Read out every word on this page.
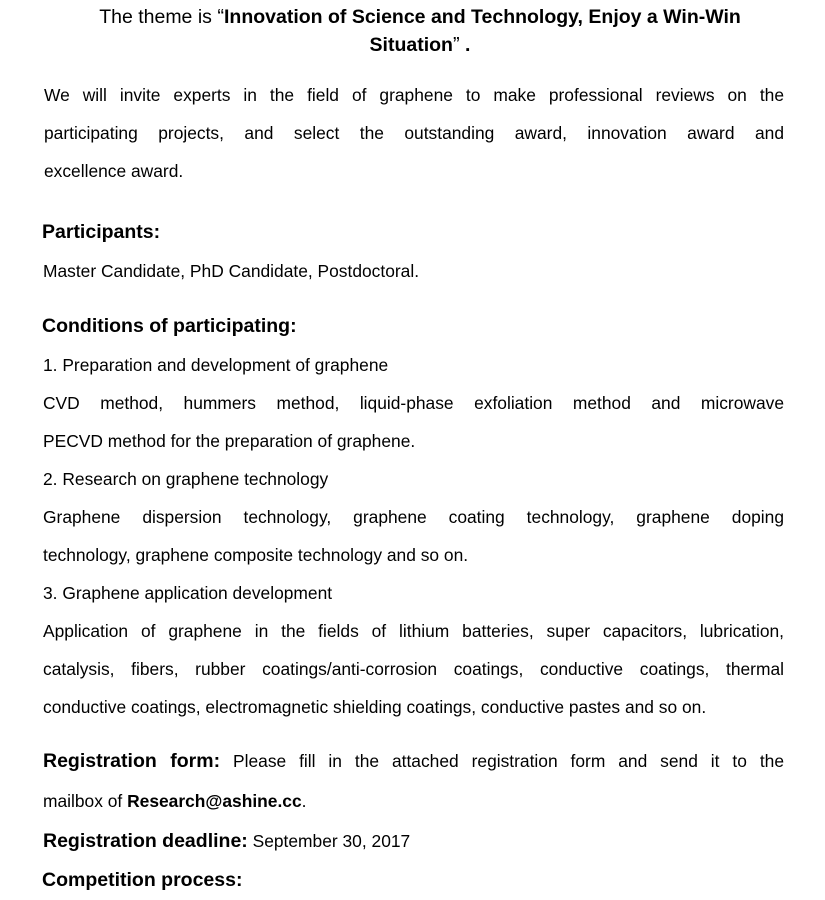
The theme is “Innovation of Science and Technology, Enjoy a Win-Win Situation” .
We will invite experts in the field of graphene to make professional reviews on the
participating projects, and select the outstanding award, innovation award and
excellence award.
Participants:
Master Candidate, PhD Candidate, Postdoctoral.
Conditions of participating:
1. Preparation and development of graphene
CVD method, hummers method, liquid-phase exfoliation method and microwave
PECVD method for the preparation of graphene.
2. Research on graphene technology
Graphene dispersion technology, graphene coating technology, graphene doping
technology, graphene composite technology and so on.
3. Graphene application development
Application of graphene in the fields of lithium batteries, super capacitors, lubrication,
catalysis, fibers, rubber coatings/anti-corrosion coatings, conductive coatings, thermal
conductive coatings, electromagnetic shielding coatings, conductive pastes and so on.
Registration form: Please fill in the attached registration form and send it to the
mailbox of Research@ashine.cc.
Registration deadline: September 30, 2017
Competition process:
